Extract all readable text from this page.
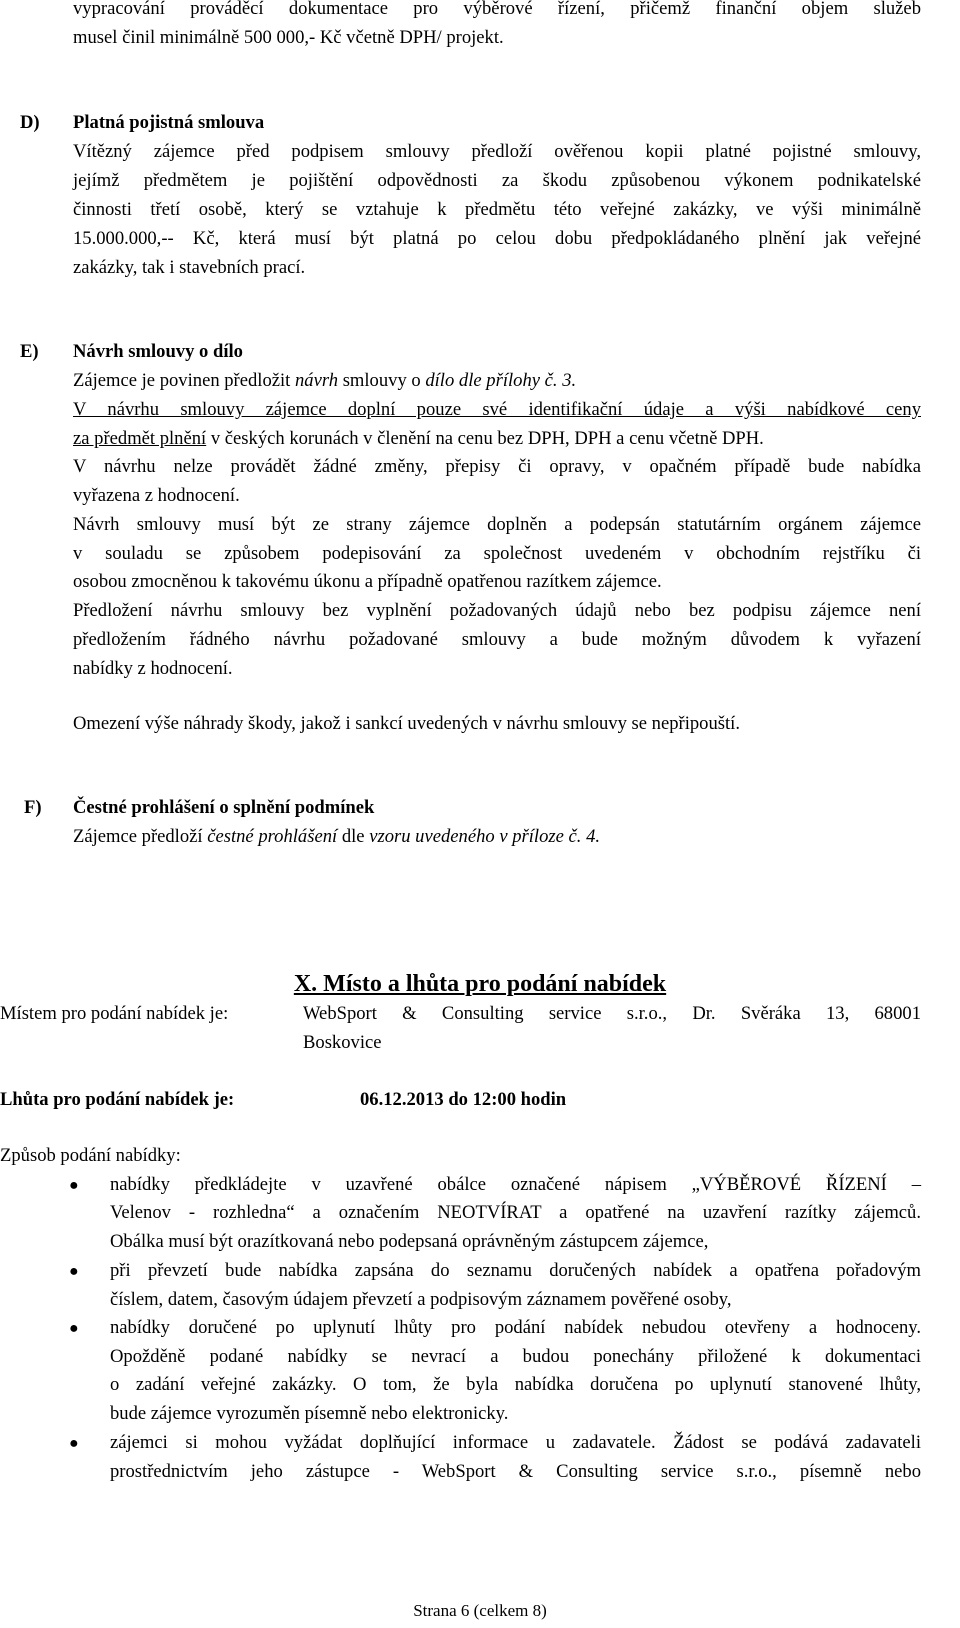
vypracování prováděcí dokumentace pro výběrové řízení, přičemž finanční objem služeb
musel činil minimálně 500 000,- Kč včetně DPH/ projekt.
D) Platná pojistná smlouva
Vítězný zájemce před podpisem smlouvy předloží ověřenou kopii platné pojistné smlouvy,
jejímž předmětem je pojištění odpovědnosti za škodu způsobenou výkonem podnikatelské
činnosti třetí osobě, který se vztahuje k předmětu této veřejné zakázky, ve výši minimálně
15.000.000,-- Kč, která musí být platná po celou dobu předpokládaného plnění jak veřejné
zakázky, tak i stavebních prací.
E) Návrh smlouvy o dílo
Zájemce je povinen předložit návrh smlouvy o dílo dle přílohy č. 3.
V návrhu smlouvy zájemce doplní pouze své identifikační údaje a výši nabídkové ceny
za předmět plnění v českých korunách v členění na cenu bez DPH, DPH a cenu včetně DPH.
V návrhu nelze provádět žádné změny, přepisy či opravy, v opačném případě bude nabídka
vyřazena z hodnocení.
Návrh smlouvy musí být ze strany zájemce doplněn a podepsán statutárním orgánem zájemce
v souladu se způsobem podepisování za společnost uvedeném v obchodním rejstříku či
osobou zmocněnou k takovému úkonu a případně opatřenou razítkem zájemce.
Předložení návrhu smlouvy bez vyplnění požadovaných údajů nebo bez podpisu zájemce není
předložením řádného návrhu požadované smlouvy a bude možným důvodem k vyřazení
nabídky z hodnocení.
Omezení výše náhrady škody, jakož i sankcí uvedených v návrhu smlouvy se nepřipouští.
F) Čestné prohlášení o splnění podmínek
Zájemce předloží čestné prohlášení dle vzoru uvedeného v příloze č. 4.
X. Místo a lhůta pro podání nabídek
Místem pro podání nabídek je:	WebSport & Consulting service s.r.o., Dr. Svěráka 13, 68001
Boskovice
Lhůta pro podání nabídek je:	06.12.2013 do 12:00 hodin
Způsob podání nabídky:
● nabídky předkládejte v uzavřené obálce označené nápisem „VÝBĚROVÉ ŘÍZENÍ –
Velenov - rozhledna“ a označením NEOTVÍRAT a opatřené na uzavření razítky zájemců.
Obálka musí být orazítkovaná nebo podepsaná oprávněným zástupcem zájemce,
● při převzetí bude nabídka zapsána do seznamu doručených nabídek a opatřena pořadovým
číslem, datem, časovým údajem převzetí a podpisovým záznamem pověřené osoby,
● nabídky doručené po uplynutí lhůty pro podání nabídek nebudou otevřeny a hodnoceny.
Opožděně podané nabídky se nevrací a budou ponechány přiložené k dokumentaci
o zadání veřejné zakázky. O tom, že byla nabídka doručena po uplynutí stanovené lhůty,
bude zájemce vyrozuměn písemně nebo elektronicky.
● zájemci si mohou vyžádat doplňující informace u zadavatele. Žádost se podává zadavateli
prostřednictvím jeho zástupce - WebSport & Consulting service s.r.o., písemně nebo
Strana 6 (celkem 8)
